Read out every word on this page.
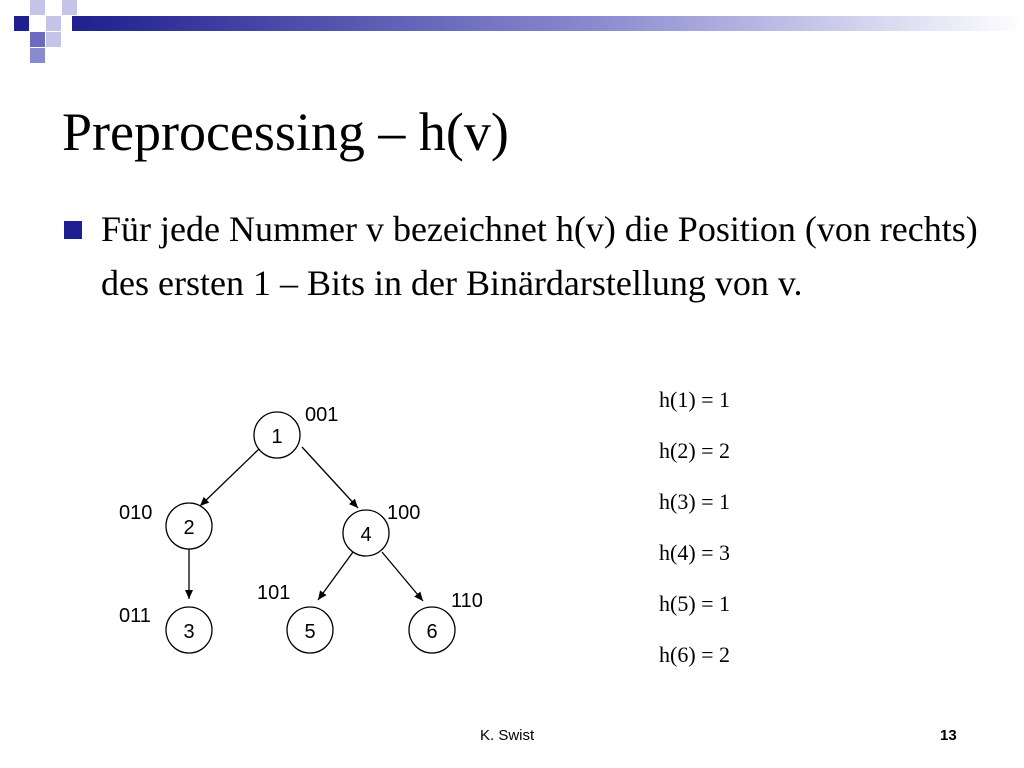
Preprocessing – h(v)

Für jede Nummer v bezeichnet h(v) die Position (von rechts) des ersten 1 – Bits in der Binärdarstellung von v.

1
2	4
3	5	6
001
010	100
101	110
011
h(1) = 1
h(2) = 2
h(3) = 1
h(4) = 3
h(5) = 1
h(6) = 2
K. Swist	13
